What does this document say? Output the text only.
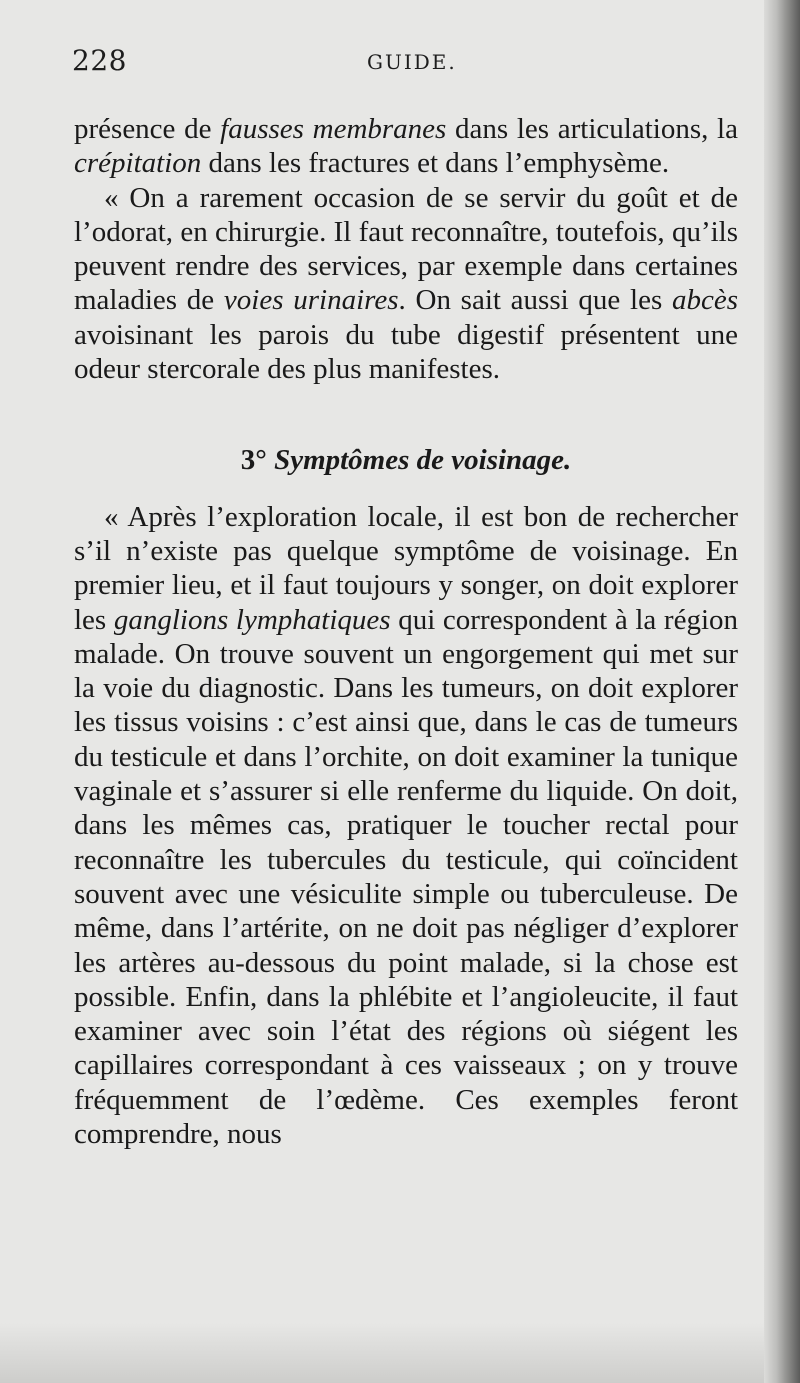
228	GUIDE.

présence de fausses membranes dans les articulations, la crépitation dans les fractures et dans l’emphysème.

« On a rarement occasion de se servir du goût et de l’odorat, en chirurgie. Il faut reconnaître, toutefois, qu’ils peuvent rendre des services, par exemple dans certaines maladies de voies urinaires. On sait aussi que les abcès avoisinant les parois du tube digestif présentent une odeur stercorale des plus manifestes.

3° Symptômes de voisinage.

« Après l’exploration locale, il est bon de rechercher s’il n’existe pas quelque symptôme de voisinage. En premier lieu, et il faut toujours y songer, on doit explorer les ganglions lymphatiques qui correspondent à la région malade. On trouve souvent un engorgement qui met sur la voie du diagnostic. Dans les tumeurs, on doit explorer les tissus voisins : c’est ainsi que, dans le cas de tumeurs du testicule et dans l’orchite, on doit examiner la tunique vaginale et s’assurer si elle renferme du liquide. On doit, dans les mêmes cas, pratiquer le toucher rectal pour reconnaître les tubercules du testicule, qui coïncident souvent avec une vésiculite simple ou tuberculeuse. De même, dans l’artérite, on ne doit pas négliger d’explorer les artères au-dessous du point malade, si la chose est possible. Enfin, dans la phlébite et l’angioleucite, il faut examiner avec soin l’état des régions où siégent les capillaires correspondant à ces vaisseaux ; on y trouve fréquemment de l’œdème. Ces exemples feront comprendre, nous
